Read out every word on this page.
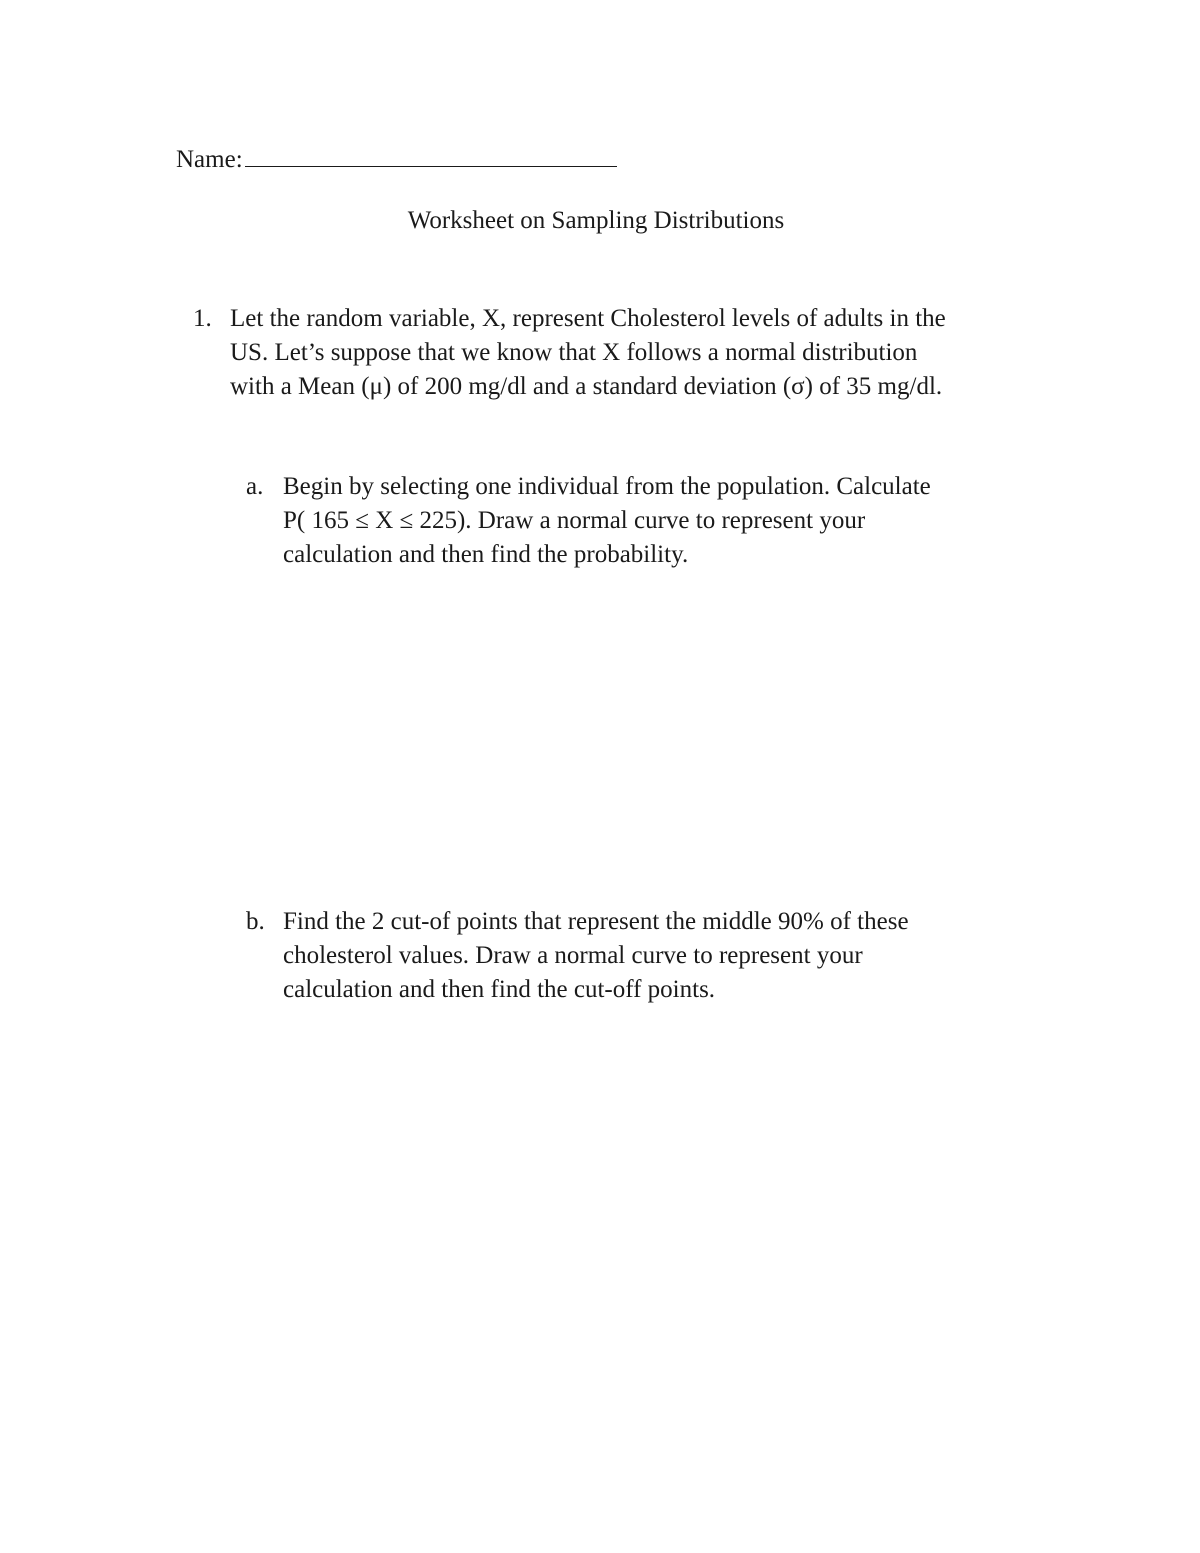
Name:
Worksheet on Sampling Distributions
1. Let the random variable, X, represent Cholesterol levels of adults in the
US. Let’s suppose that we know that X follows a normal distribution
with a Mean (μ) of 200 mg/dl and a standard deviation (σ) of 35 mg/dl.
a. Begin by selecting one individual from the population. Calculate
P( 165 ≤ X ≤ 225). Draw a normal curve to represent your
calculation and then find the probability.
b. Find the 2 cut-of points that represent the middle 90% of these
cholesterol values. Draw a normal curve to represent your
calculation and then find the cut-off points.
